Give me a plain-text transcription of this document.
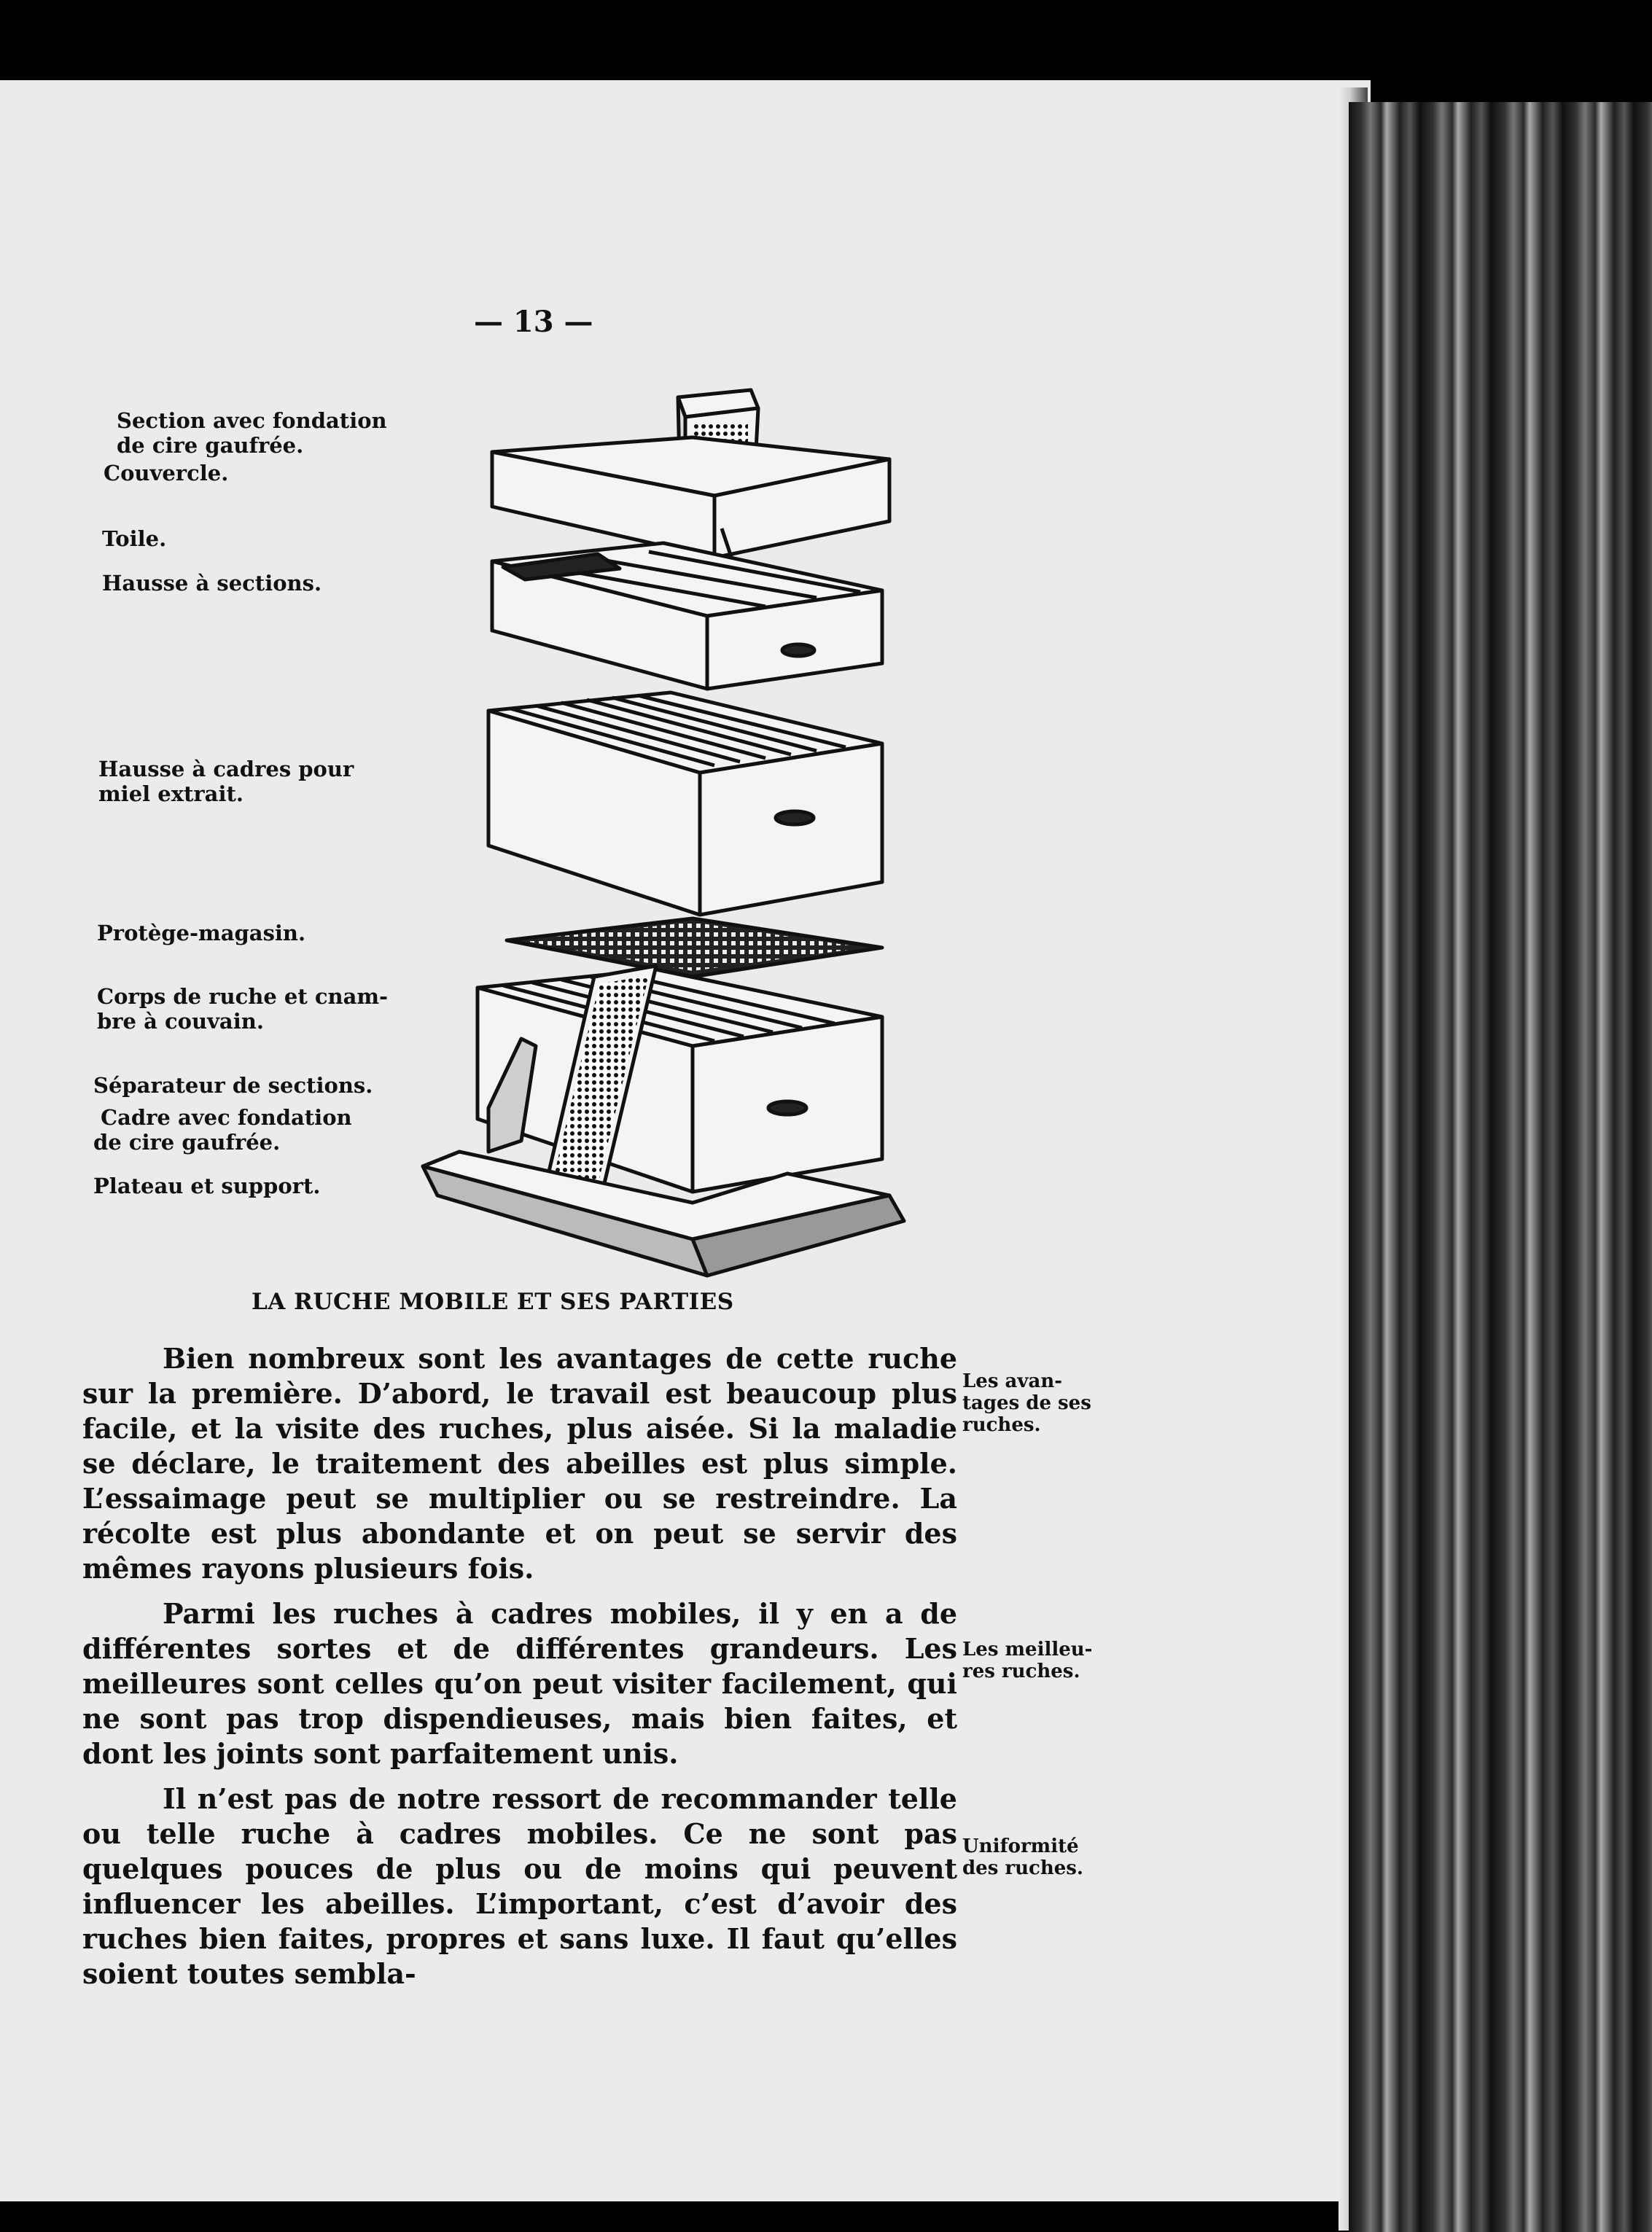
— 13 —
Section avec fondation
de cire gaufrée.
Couvercle.
Toile.
Hausse à sections.
Hausse à cadres pour
miel extrait.
Protège-magasin.
Corps de ruche et cnam-
bre à couvain.
Séparateur de sections.
Cadre avec fondation
de cire gaufrée.
Plateau et support.
LA RUCHE MOBILE ET SES PARTIES

Bien nombreux sont les avantages de cette ruche sur la première. D’abord, le travail est beaucoup plus facile, et la visite des ruches, plus aisée. Si la maladie se déclare, le traitement des abeilles est plus simple. L’essaimage peut se multiplier ou se restreindre. La récolte est plus abondante et on peut se servir des mêmes rayons plusieurs fois.

Parmi les ruches à cadres mobiles, il y en a de différentes sortes et de différentes grandeurs. Les meilleures sont celles qu’on peut visiter facilement, qui ne sont pas trop dispendieuses, mais bien faites, et dont les joints sont parfaitement unis.

Il n’est pas de notre ressort de recommander telle ou telle ruche à cadres mobiles. Ce ne sont pas quelques pouces de plus ou de moins qui peuvent influencer les abeilles. L’important, c’est d’avoir des ruches bien faites, propres et sans luxe. Il faut qu’elles soient toutes sembla-

Les avan-
tages de ses
ruches.
Les meilleu-
res ruches.
Uniformité
des ruches.
